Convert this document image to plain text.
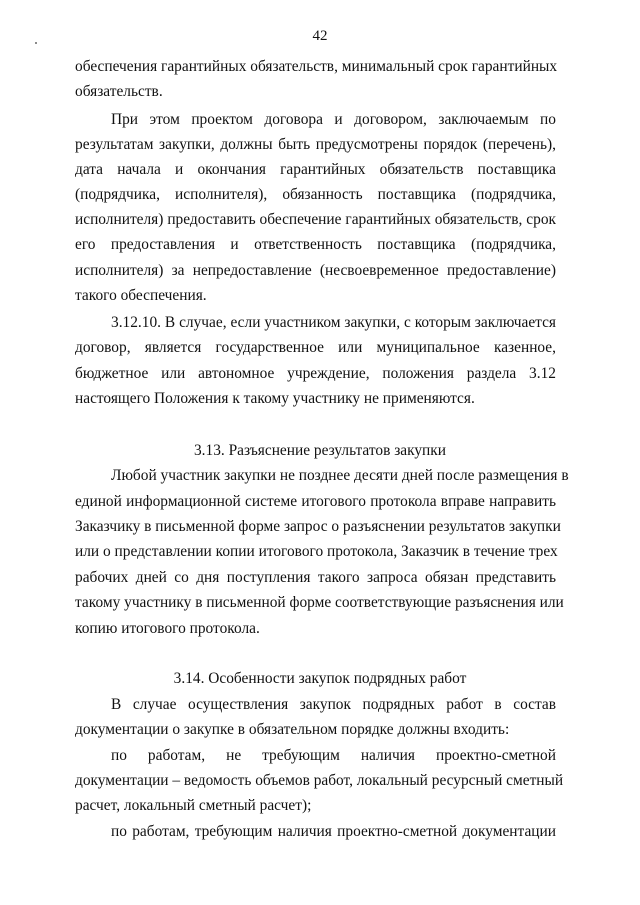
42
обеспечения гарантийных обязательств, минимальный срок гарантийных
обязательств.
При этом проектом договора и договором, заключаемым по
результатам закупки, должны быть предусмотрены порядок (перечень),
дата начала и окончания гарантийных обязательств поставщика
(подрядчика, исполнителя), обязанность поставщика (подрядчика,
исполнителя) предоставить обеспечение гарантийных обязательств, срок
его предоставления и ответственность поставщика (подрядчика,
исполнителя) за непредоставление (несвоевременное предоставление)
такого обеспечения.
3.12.10. В случае, если участником закупки, с которым заключается
договор, является государственное или муниципальное казенное,
бюджетное или автономное учреждение, положения раздела 3.12
настоящего Положения к такому участнику не применяются.
3.13. Разъяснение результатов закупки
Любой участник закупки не позднее десяти дней после размещения в
единой информационной системе итогового протокола вправе направить
Заказчику в письменной форме запрос о разъяснении результатов закупки
или о представлении копии итогового протокола, Заказчик в течение трех
рабочих дней со дня поступления такого запроса обязан представить
такому участнику в письменной форме соответствующие разъяснения или
копию итогового протокола.
3.14. Особенности закупок подрядных работ
В случае осуществления закупок подрядных работ в состав
документации о закупке в обязательном порядке должны входить:
по работам, не требующим наличия проектно-сметной
документации – ведомость объемов работ, локальный ресурсный сметный
расчет, локальный сметный расчет);
по работам, требующим наличия проектно-сметной документации
